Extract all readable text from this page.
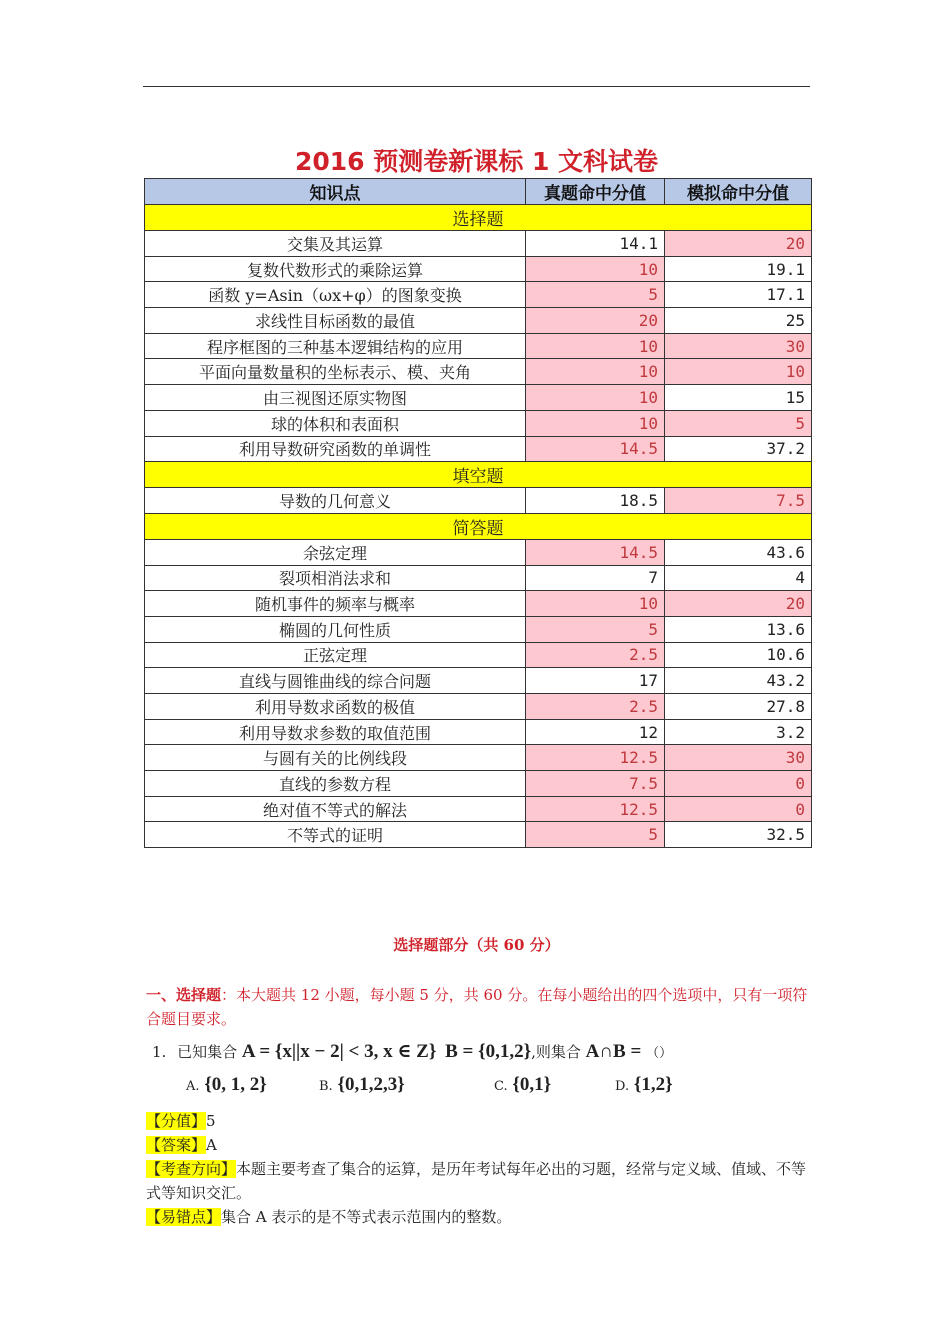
2016 预测卷新课标 1 文科试卷
知识点	真题命中分值	模拟命中分值
选择题		
交集及其运算	14.1	20
复数代数形式的乘除运算	10	19.1
函数 y=Asin（ωx+φ）的图象变换	5	17.1
求线性目标函数的最值	20	25
程序框图的三种基本逻辑结构的应用	10	30
平面向量数量积的坐标表示、模、夹角	10	10
由三视图还原实物图	10	15
球的体积和表面积	10	5
利用导数研究函数的单调性	14.5	37.2
填空题		
导数的几何意义	18.5	7.5
简答题		
余弦定理	14.5	43.6
裂项相消法求和	7	4
随机事件的频率与概率	10	20
椭圆的几何性质	5	13.6
正弦定理	2.5	10.6
直线与圆锥曲线的综合问题	17	43.2
利用导数求函数的极值	2.5	27.8
利用导数求参数的取值范围	12	3.2
与圆有关的比例线段	12.5	30
直线的参数方程	7.5	0
绝对值不等式的解法	12.5	0
不等式的证明	5	32.5
选择题部分（共 60 分）
一、选择题：本大题共 12 小题，每小题 5 分，共 60 分。在每小题给出的四个选项中，只有一项符合题目要求。
1. 已知集合 A = {x||x − 2| < 3, x ∈ Z} B = {0,1,2},则集合 A∩B = （）
A. {0, 1, 2}	B. {0,1,2,3}	C. {0,1}	D. {1,2}
【分值】5
【答案】A
【考查方向】本题主要考查了集合的运算，是历年考试每年必出的习题，经常与定义域、值域、不等式等知识交汇。
【易错点】集合 A 表示的是不等式表示范围内的整数。
